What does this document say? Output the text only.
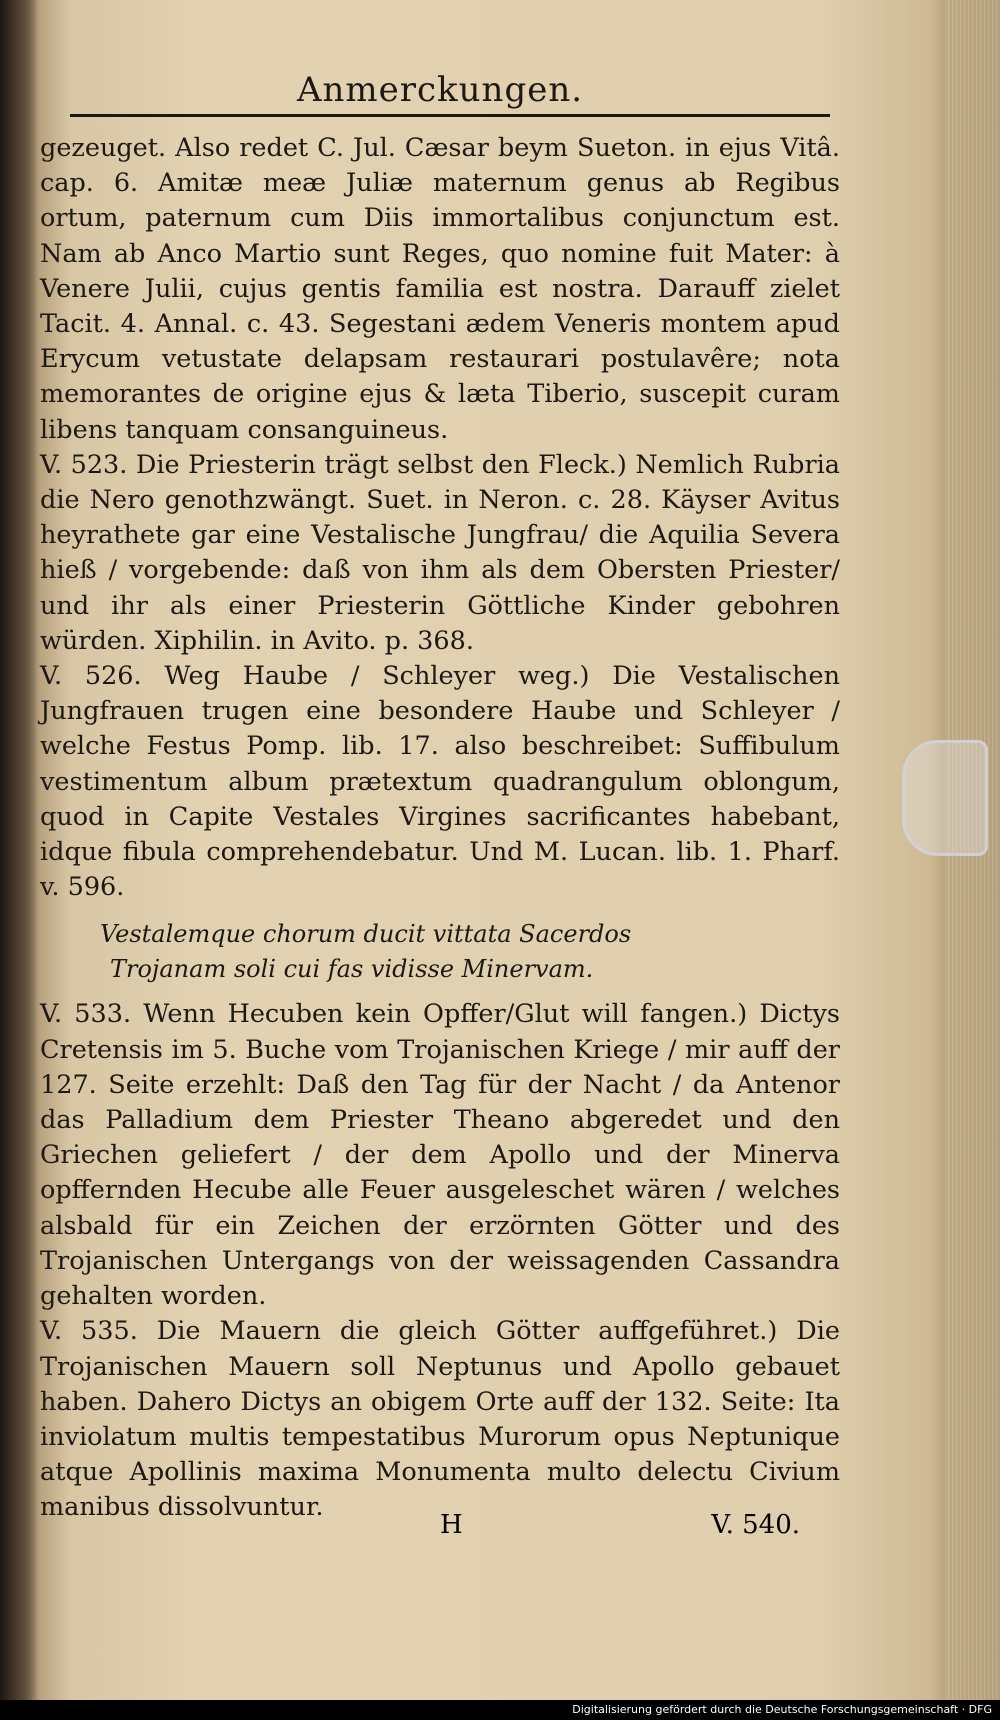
Anmerckungen.

gezeuget. Also redet C. Jul. Cæsar beym Sueton. in ejus Vitâ. cap. 6. Amitæ meæ Juliæ maternum genus ab Regibus ortum, paternum cum Diis immortalibus conjunctum est. Nam ab Anco Martio sunt Reges, quo nomine fuit Mater: à Venere Julii, cujus gentis familia est nostra. Darauff zielet Tacit. 4. Annal. c. 43. Segestani ædem Veneris montem apud Erycum vetustate delapsam restaurari postulavêre; nota memorantes de origine ejus & læta Tiberio, suscepit curam libens tanquam consanguineus.

V. 523. Die Priesterin trägt selbst den Fleck.) Nemlich Rubria die Nero genothzwängt. Suet. in Neron. c. 28. Käyser Avitus heyrathete gar eine Vestalische Jungfrau/ die Aquilia Severa hieß / vorgebende: daß von ihm als dem Obersten Priester/ und ihr als einer Priesterin Göttliche Kinder gebohren würden. Xiphilin. in Avito. p. 368.

V. 526. Weg Haube / Schleyer weg.) Die Vestalischen Jungfrauen trugen eine besondere Haube und Schleyer / welche Festus Pomp. lib. 17. also beschreibet: Suffibulum vestimentum album prætextum quadrangulum oblongum, quod in Capite Vestales Virgines sacrificantes habebant, idque fibula comprehendebatur. Und M. Lucan. lib. 1. Pharf. v. 596.

Vestalemque chorum ducit vittata Sacerdos
Trojanam soli cui fas vidisse Minervam.

V. 533. Wenn Hecuben kein Opffer/Glut will fangen.) Dictys Cretensis im 5. Buche vom Trojanischen Kriege / mir auff der 127. Seite erzehlt: Daß den Tag für der Nacht / da Antenor das Palladium dem Priester Theano abgeredet und den Griechen geliefert / der dem Apollo und der Minerva opffernden Hecube alle Feuer ausgeleschet wären / welches alsbald für ein Zeichen der erzörnten Götter und des Trojanischen Untergangs von der weissagenden Cassandra gehalten worden.

V. 535. Die Mauern die gleich Götter auffgeführet.) Die Trojanischen Mauern soll Neptunus und Apollo gebauet haben. Dahero Dictys an obigem Orte auff der 132. Seite: Ita inviolatum multis tempestatibus Murorum opus Neptunique atque Apollinis maxima Monumenta multo delectu Civium manibus dissolvuntur.

H	V. 540.
Digitalisierung gefördert durch die Deutsche Forschungsgemeinschaft · DFG
